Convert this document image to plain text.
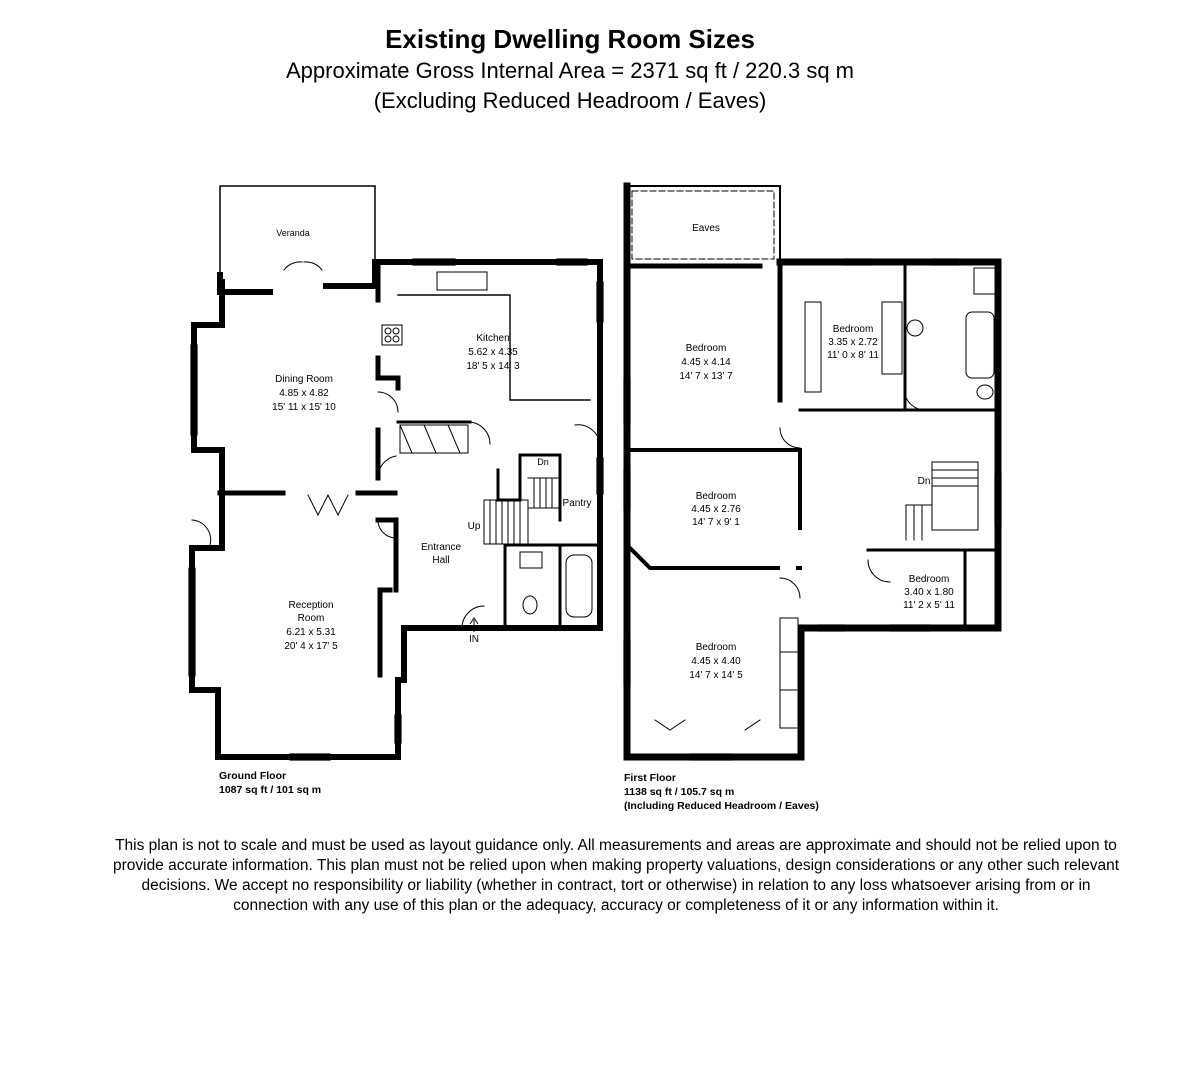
Existing Dwelling Room Sizes
Approximate Gross Internal Area = 2371 sq ft / 220.3 sq m
(Excluding Reduced Headroom / Eaves)
Veranda
Dining Room
4.85 x 4.82
15' 11 x 15' 10
Kitchen
5.62 x 4.35
18' 5 x 14' 3
Entrance
Hall
Reception
Room
6.21 x 5.31
20' 4 x 17' 5
Pantry
Up
Dn
IN
Ground Floor
1087 sq ft / 101 sq m
Eaves
Bedroom
4.45 x 4.14
14' 7 x 13' 7
Bedroom
3.35 x 2.72
11' 0 x 8' 11
Bedroom
4.45 x 2.76
14' 7 x 9' 1
Bedroom
3.40 x 1.80
11' 2 x 5' 11
Bedroom
4.45 x 4.40
14' 7 x 14' 5
Dn
First Floor
1138 sq ft / 105.7 sq m
(Including Reduced Headroom / Eaves)
This plan is not to scale and must be used as layout guidance only. All measurements and areas are approximate and should not be relied upon to
provide accurate information. This plan must not be relied upon when making property valuations, design considerations or any other such relevant
decisions. We accept no responsibility or liability (whether in contract, tort or otherwise) in relation to any loss whatsoever arising from or in
connection with any use of this plan or the adequacy, accuracy or completeness of it or any information within it.
